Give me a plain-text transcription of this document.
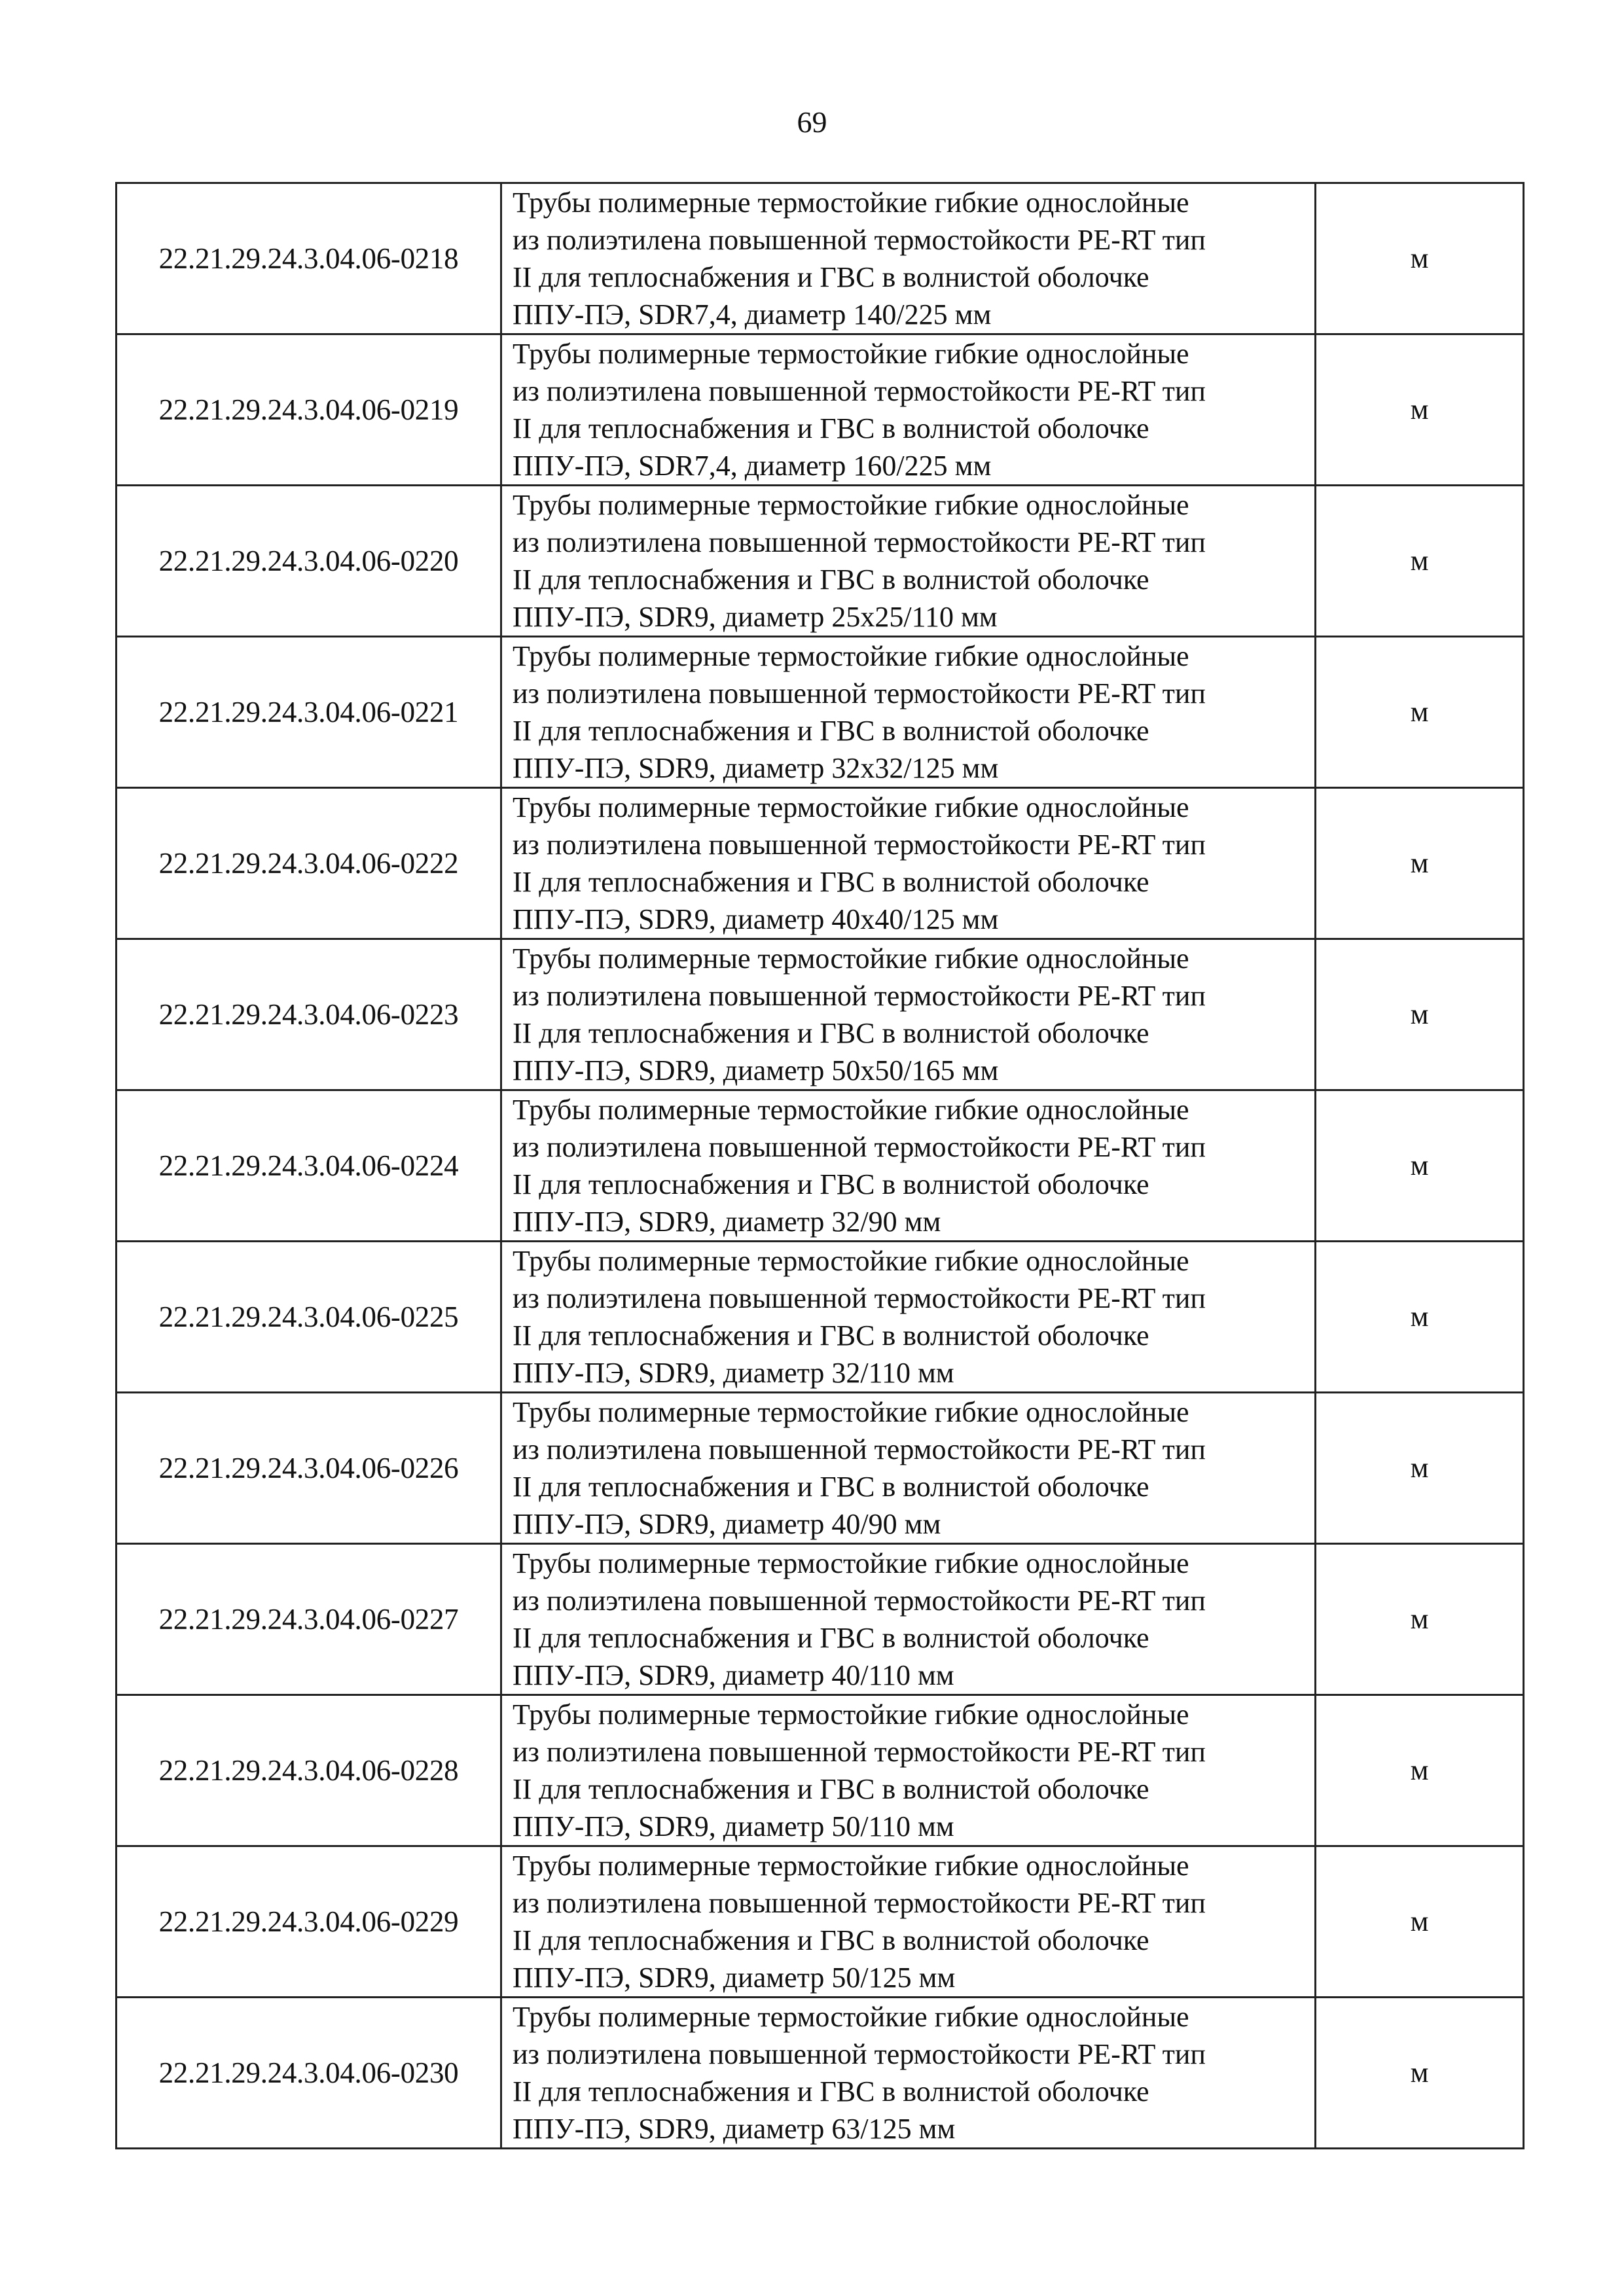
69
22.21.29.24.3.04.06-0218	Трубы полимерные термостойкие гибкие однослойные
из полиэтилена повышенной термостойкости PE-RT тип
II для теплоснабжения и ГВС в волнистой оболочке
ППУ-ПЭ, SDR7,4, диаметр 140/225 мм	м
22.21.29.24.3.04.06-0219	Трубы полимерные термостойкие гибкие однослойные
из полиэтилена повышенной термостойкости PE-RT тип
II для теплоснабжения и ГВС в волнистой оболочке
ППУ-ПЭ, SDR7,4, диаметр 160/225 мм	м
22.21.29.24.3.04.06-0220	Трубы полимерные термостойкие гибкие однослойные
из полиэтилена повышенной термостойкости PE-RT тип
II для теплоснабжения и ГВС в волнистой оболочке
ППУ-ПЭ, SDR9, диаметр 25x25/110 мм	м
22.21.29.24.3.04.06-0221	Трубы полимерные термостойкие гибкие однослойные
из полиэтилена повышенной термостойкости PE-RT тип
II для теплоснабжения и ГВС в волнистой оболочке
ППУ-ПЭ, SDR9, диаметр 32x32/125 мм	м
22.21.29.24.3.04.06-0222	Трубы полимерные термостойкие гибкие однослойные
из полиэтилена повышенной термостойкости PE-RT тип
II для теплоснабжения и ГВС в волнистой оболочке
ППУ-ПЭ, SDR9, диаметр 40x40/125 мм	м
22.21.29.24.3.04.06-0223	Трубы полимерные термостойкие гибкие однослойные
из полиэтилена повышенной термостойкости PE-RT тип
II для теплоснабжения и ГВС в волнистой оболочке
ППУ-ПЭ, SDR9, диаметр 50x50/165 мм	м
22.21.29.24.3.04.06-0224	Трубы полимерные термостойкие гибкие однослойные
из полиэтилена повышенной термостойкости PE-RT тип
II для теплоснабжения и ГВС в волнистой оболочке
ППУ-ПЭ, SDR9, диаметр 32/90 мм	м
22.21.29.24.3.04.06-0225	Трубы полимерные термостойкие гибкие однослойные
из полиэтилена повышенной термостойкости PE-RT тип
II для теплоснабжения и ГВС в волнистой оболочке
ППУ-ПЭ, SDR9, диаметр 32/110 мм	м
22.21.29.24.3.04.06-0226	Трубы полимерные термостойкие гибкие однослойные
из полиэтилена повышенной термостойкости PE-RT тип
II для теплоснабжения и ГВС в волнистой оболочке
ППУ-ПЭ, SDR9, диаметр 40/90 мм	м
22.21.29.24.3.04.06-0227	Трубы полимерные термостойкие гибкие однослойные
из полиэтилена повышенной термостойкости PE-RT тип
II для теплоснабжения и ГВС в волнистой оболочке
ППУ-ПЭ, SDR9, диаметр 40/110 мм	м
22.21.29.24.3.04.06-0228	Трубы полимерные термостойкие гибкие однослойные
из полиэтилена повышенной термостойкости PE-RT тип
II для теплоснабжения и ГВС в волнистой оболочке
ППУ-ПЭ, SDR9, диаметр 50/110 мм	м
22.21.29.24.3.04.06-0229	Трубы полимерные термостойкие гибкие однослойные
из полиэтилена повышенной термостойкости PE-RT тип
II для теплоснабжения и ГВС в волнистой оболочке
ППУ-ПЭ, SDR9, диаметр 50/125 мм	м
22.21.29.24.3.04.06-0230	Трубы полимерные термостойкие гибкие однослойные
из полиэтилена повышенной термостойкости PE-RT тип
II для теплоснабжения и ГВС в волнистой оболочке
ППУ-ПЭ, SDR9, диаметр 63/125 мм	м
